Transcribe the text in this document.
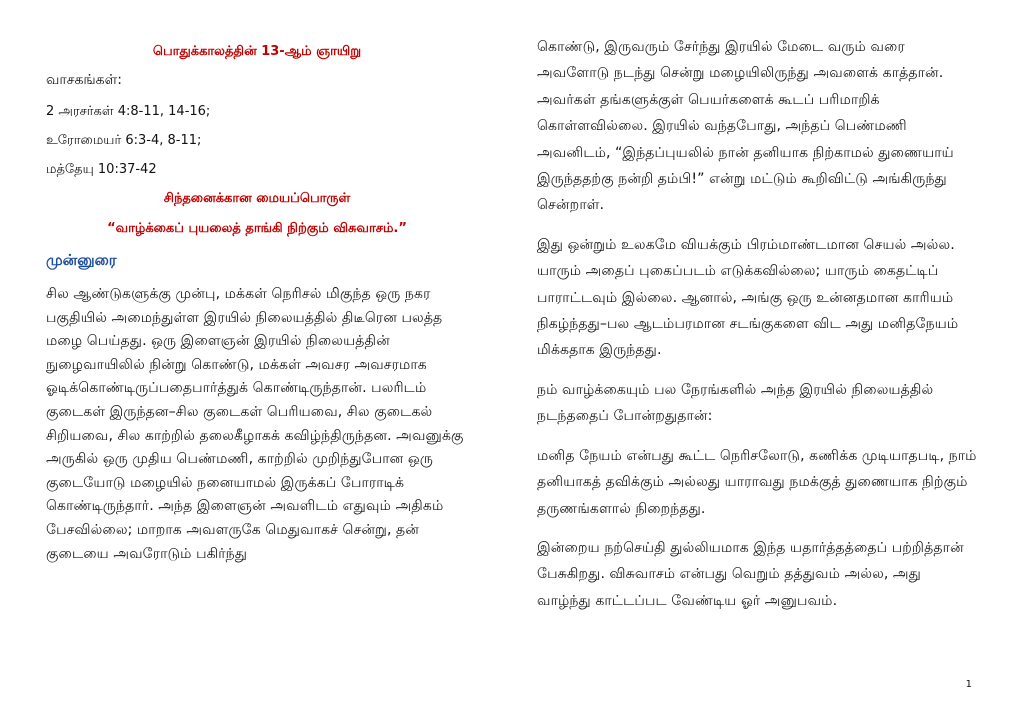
பொதுக்காலத்தின் 13-ஆம் ஞாயிறு
வாசகங்கள்:
2 அரசர்கள் 4:8-11, 14-16;
உரோமையர் 6:3-4, 8-11;
மத்தேயு 10:37-42
சிந்தனைக்கான மையப்பொருள்
“வாழ்க்கைப் புயலைத் தாங்கி நிற்கும் விசுவாசம்.”
முன்னுரை

சில ஆண்டுகளுக்கு முன்பு, மக்கள் நெரிசல் மிகுந்த ஒரு நகர பகுதியில் அமைந்துள்ள இரயில் நிலையத்தில் திடீரென பலத்த மழை பெய்தது. ஒரு இளைஞன் இரயில் நிலையத்தின் நுழைவாயிலில் நின்று கொண்டு, மக்கள் அவசர அவசரமாக ஓடிக்கொண்டிருப்பதைபார்த்துக் கொண்டிருந்தான். பலரிடம் குடைகள் இருந்தன–சில குடைகள் பெரியவை, சில குடைகல் சிறியவை, சில காற்றில் தலைகீழாகக் கவிழ்ந்திருந்தன. அவனுக்கு அருகில் ஒரு முதிய பெண்மணி, காற்றில் முறிந்துபோன ஒரு குடையோடு மழையில் நனையாமல் இருக்கப் போராடிக் கொண்டிருந்தார். அந்த இளைஞன் அவளிடம் எதுவும் அதிகம் பேசவில்லை; மாறாக அவளருகே மெதுவாகச் சென்று, தன் குடையை அவரோடும் பகிர்ந்து

கொண்டு, இருவரும் சேர்ந்து இரயில் மேடை வரும் வரை அவளோடு நடந்து சென்று மழையிலிருந்து அவளைக் காத்தான். அவர்கள் தங்களுக்குள் பெயர்களைக் கூடப் பரிமாறிக் கொள்ளவில்லை. இரயில் வந்தபோது, அந்தப் பெண்மணி அவனிடம், “இந்தப்புயலில் நான் தனியாக நிற்காமல் துணையாய் இருந்ததற்கு நன்றி தம்பி!” என்று மட்டும் கூறிவிட்டு அங்கிருந்து சென்றாள்.

இது ஒன்றும் உலகமே வியக்கும் பிரம்மாண்டமான செயல் அல்ல. யாரும் அதைப் புகைப்படம் எடுக்கவில்லை; யாரும் கைதட்டிப் பாராட்டவும் இல்லை. ஆனால், அங்கு ஒரு உன்னதமான காரியம் நிகழ்ந்தது–பல ஆடம்பரமான சடங்குகளை விட அது மனிதநேயம் மிக்கதாக இருந்தது.

நம் வாழ்க்கையும் பல நேரங்களில் அந்த இரயில் நிலையத்தில் நடந்ததைப் போன்றதுதான்:

மனித நேயம் என்பது கூட்ட நெரிசலோடு, கணிக்க முடியாதபடி, நாம் தனியாகத் தவிக்கும் அல்லது யாராவது நமக்குத் துணையாக நிற்கும் தருணங்களால் நிறைந்தது.

இன்றைய நற்செய்தி துல்லியமாக இந்த யதார்த்தத்தைப் பற்றித்தான் பேசுகிறது. விசுவாசம் என்பது வெறும் தத்துவம் அல்ல, அது வாழ்ந்து காட்டப்பட வேண்டிய ஓர் அனுபவம்.

1
